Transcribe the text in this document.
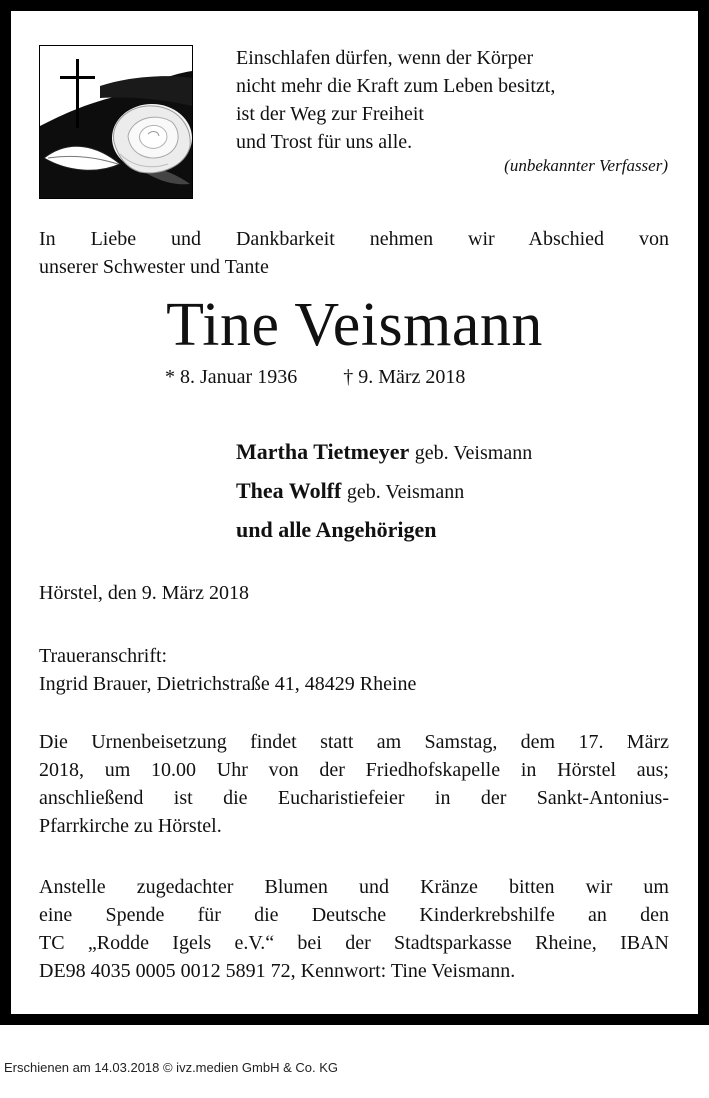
Einschlafen dürfen, wenn der Körper
nicht mehr die Kraft zum Leben besitzt,
ist der Weg zur Freiheit
und Trost für uns alle.
(unbekannter Verfasser)
In Liebe und Dankbarkeit nehmen wir Abschied von
unserer Schwester und Tante
Tine Veismann
* 8. Januar 1936 † 9. März 2018
Martha Tietmeyer geb. Veismann
Thea Wolff geb. Veismann
und alle Angehörigen
Hörstel, den 9. März 2018
Traueranschrift:
Ingrid Brauer, Dietrichstraße 41, 48429 Rheine
Die Urnenbeisetzung findet statt am Samstag, dem 17. März
2018, um 10.00 Uhr von der Friedhofskapelle in Hörstel aus;
anschließend ist die Eucharistiefeier in der Sankt-Antonius-
Pfarrkirche zu Hörstel.
Anstelle zugedachter Blumen und Kränze bitten wir um
eine Spende für die Deutsche Kinderkrebshilfe an den
TC „Rodde Igels e.V.“ bei der Stadtsparkasse Rheine, IBAN
DE98 4035 0005 0012 5891 72, Kennwort: Tine Veismann.
Erschienen am 14.03.2018 © ivz.medien GmbH & Co. KG
